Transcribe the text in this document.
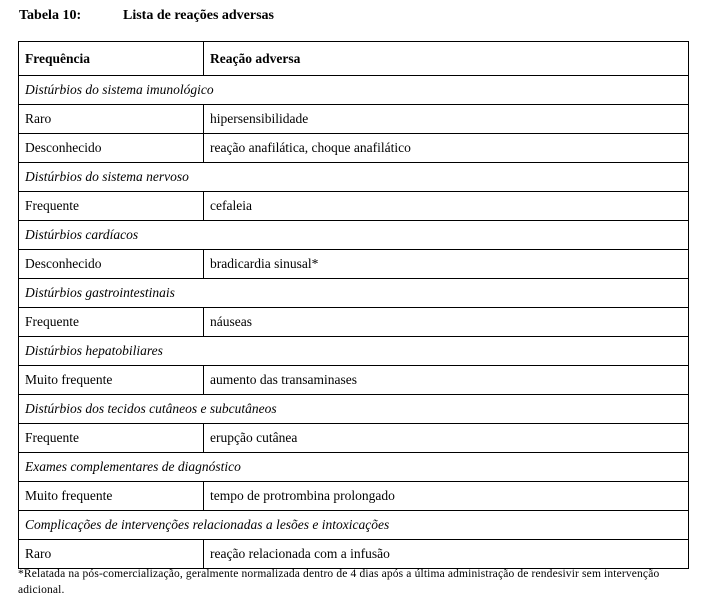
Tabela 10:	Lista de reações adversas
Frequência	Reação adversa
Distúrbios do sistema imunológico	
Raro	hipersensibilidade
Desconhecido	reação anafilática, choque anafilático
Distúrbios do sistema nervoso	
Frequente	cefaleia
Distúrbios cardíacos	
Desconhecido	bradicardia sinusal*
Distúrbios gastrointestinais	
Frequente	náuseas
Distúrbios hepatobiliares	
Muito frequente	aumento das transaminases
Distúrbios dos tecidos cutâneos e subcutâneos	
Frequente	erupção cutânea
Exames complementares de diagnóstico	
Muito frequente	tempo de protrombina prolongado
Complicações de intervenções relacionadas a lesões e intoxicações	
Raro	reação relacionada com a infusão
*Relatada na pós-comercialização, geralmente normalizada dentro de 4 dias após a última administração de rendesivir sem intervenção adicional.
